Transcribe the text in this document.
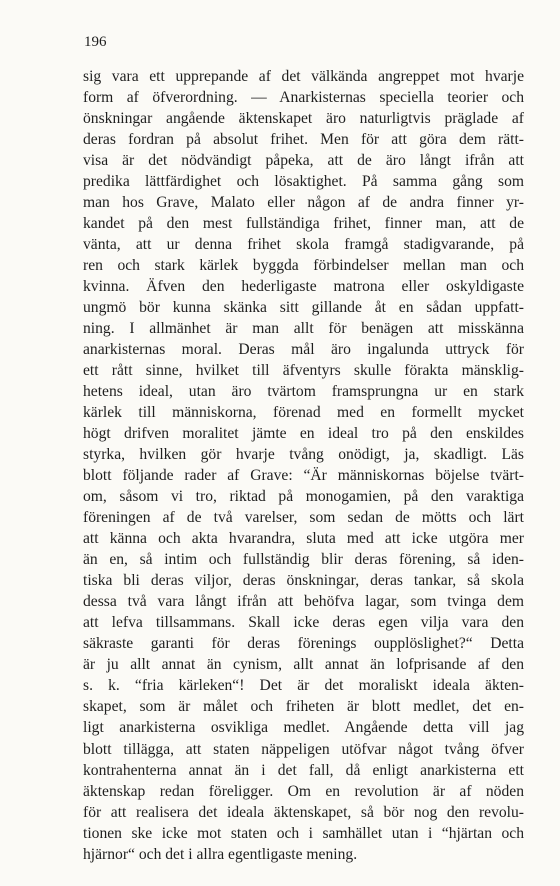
196
sig vara ett upprepande af det välkända angreppet mot hvarje
form af öfverordning. — Anarkisternas speciella teorier och
önskningar angående äktenskapet äro naturligtvis präglade af
deras fordran på absolut frihet. Men för att göra dem rätt-
visa är det nödvändigt påpeka, att de äro långt ifrån att
predika lättfärdighet och lösaktighet. På samma gång som
man hos Grave, Malato eller någon af de andra finner yr-
kandet på den mest fullständiga frihet, finner man, att de
vänta, att ur denna frihet skola framgå stadigvarande, på
ren och stark kärlek byggda förbindelser mellan man och
kvinna. Äfven den hederligaste matrona eller oskyldigaste
ungmö bör kunna skänka sitt gillande åt en sådan uppfatt-
ning. I allmänhet är man allt för benägen att misskänna
anarkisternas moral. Deras mål äro ingalunda uttryck för
ett rått sinne, hvilket till äfventyrs skulle förakta mänsklig-
hetens ideal, utan äro tvärtom framsprungna ur en stark
kärlek till människorna, förenad med en formellt mycket
högt drifven moralitet jämte en ideal tro på den enskildes
styrka, hvilken gör hvarje tvång onödigt, ja, skadligt. Läs
blott följande rader af Grave: “Är människornas böjelse tvärt-
om, såsom vi tro, riktad på monogamien, på den varaktiga
föreningen af de två varelser, som sedan de mötts och lärt
att känna och akta hvarandra, sluta med att icke utgöra mer
än en, så intim och fullständig blir deras förening, så iden-
tiska bli deras viljor, deras önskningar, deras tankar, så skola
dessa två vara långt ifrån att behöfva lagar, som tvinga dem
att lefva tillsammans. Skall icke deras egen vilja vara den
säkraste garanti för deras förenings oupplöslighet?“ Detta
är ju allt annat än cynism, allt annat än lofprisande af den
s. k. “fria kärleken“! Det är det moraliskt ideala äkten-
skapet, som är målet och friheten är blott medlet, det en-
ligt anarkisterna osvikliga medlet. Angående detta vill jag
blott tillägga, att staten näppeligen utöfvar något tvång öfver
kontrahenterna annat än i det fall, då enligt anarkisterna ett
äktenskap redan föreligger. Om en revolution är af nöden
för att realisera det ideala äktenskapet, så bör nog den revolu-
tionen ske icke mot staten och i samhället utan i “hjärtan och
hjärnor“ och det i allra egentligaste mening.
